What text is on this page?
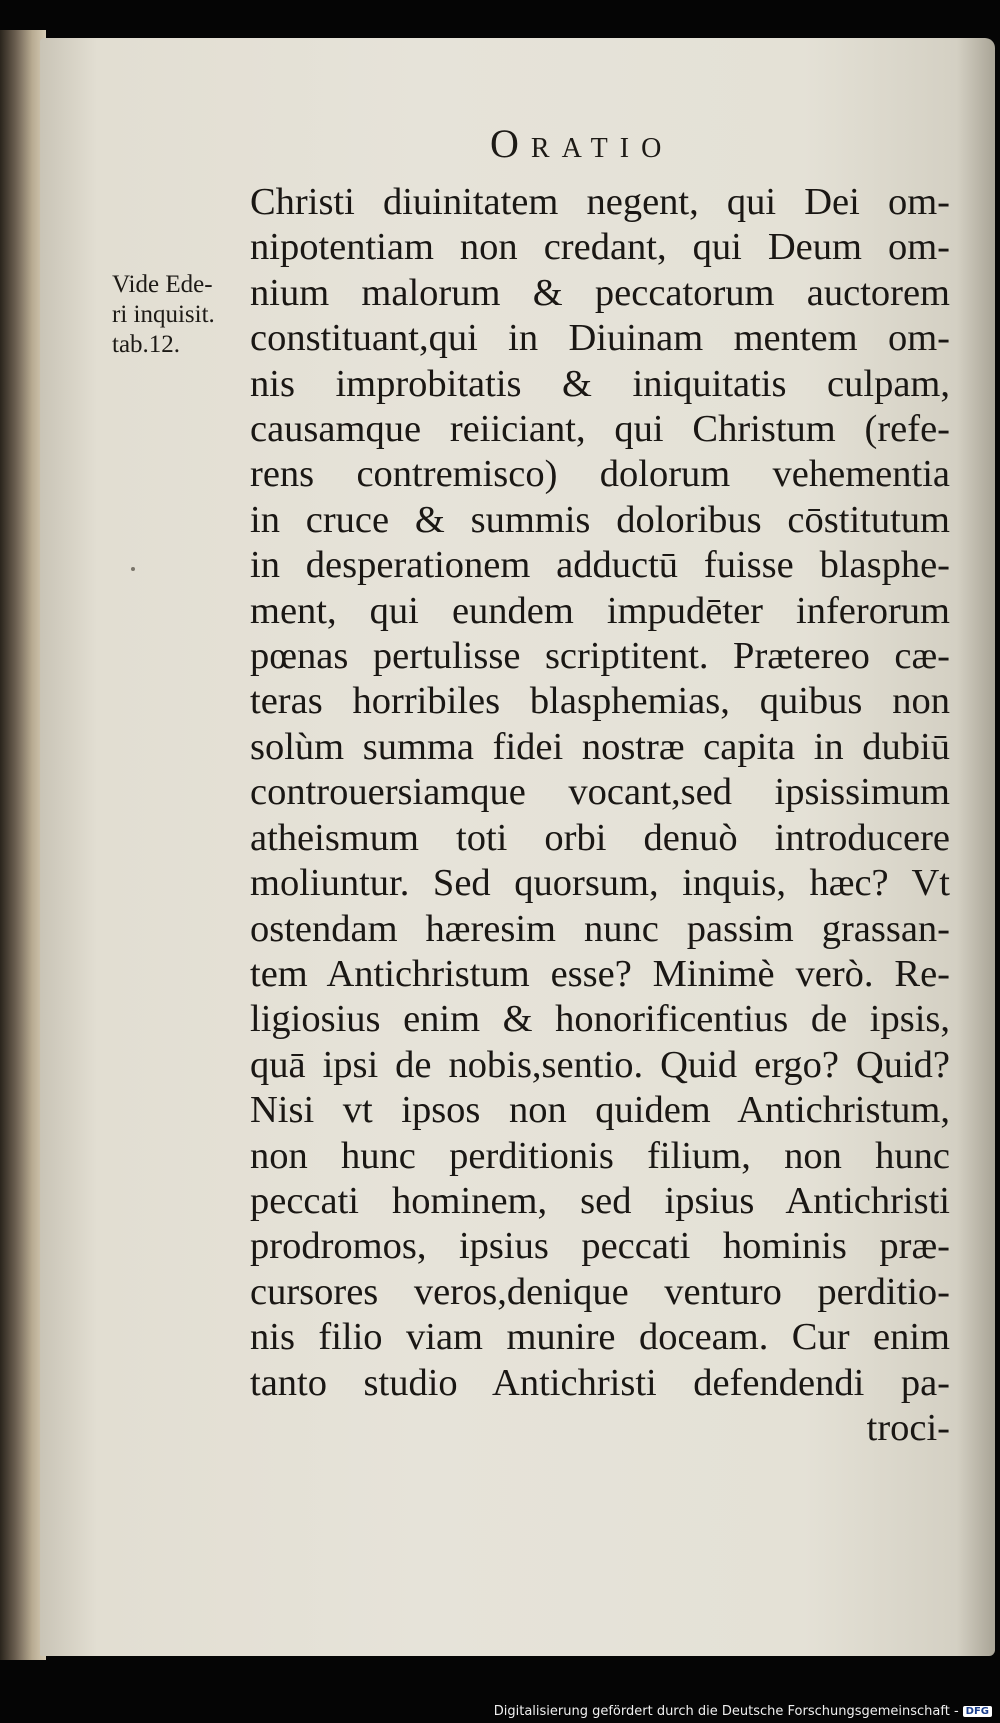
Oratio
Vide Ede-
ri inquisit.
tab.12.
Christi diuinitatem negent, qui Dei om-
nipotentiam non credant, qui Deum om-
nium malorum & peccatorum auctorem
constituant,qui in Diuinam mentem om-
nis improbitatis & iniquitatis culpam,
causamque reiiciant, qui Christum (refe-
rens contremisco) dolorum vehementia
in cruce & summis doloribus cōstitutum
in desperationem adductū fuisse blasphe-
ment, qui eundem impudēter inferorum
pœnas pertulisse scriptitent. Prætereo cæ-
teras horribiles blasphemias, quibus non
solùm summa fidei nostræ capita in dubiū
controuersiamque vocant,sed ipsissimum
atheismum toti orbi denuò introducere
moliuntur. Sed quorsum, inquis, hæc? Vt
ostendam hæresim nunc passim grassan-
tem Antichristum esse? Minimè verò. Re-
ligiosius enim & honorificentius de ipsis,
quā ipsi de nobis,sentio. Quid ergo? Quid?
Nisi vt ipsos non quidem Antichristum,
non hunc perditionis filium, non hunc
peccati hominem, sed ipsius Antichristi
prodromos, ipsius peccati hominis præ-
cursores veros,denique venturo perditio-
nis filio viam munire doceam. Cur enim
tanto studio Antichristi defendendi pa-
troci-
Digitalisierung gefördert durch die Deutsche Forschungsgemeinschaft - DFG
